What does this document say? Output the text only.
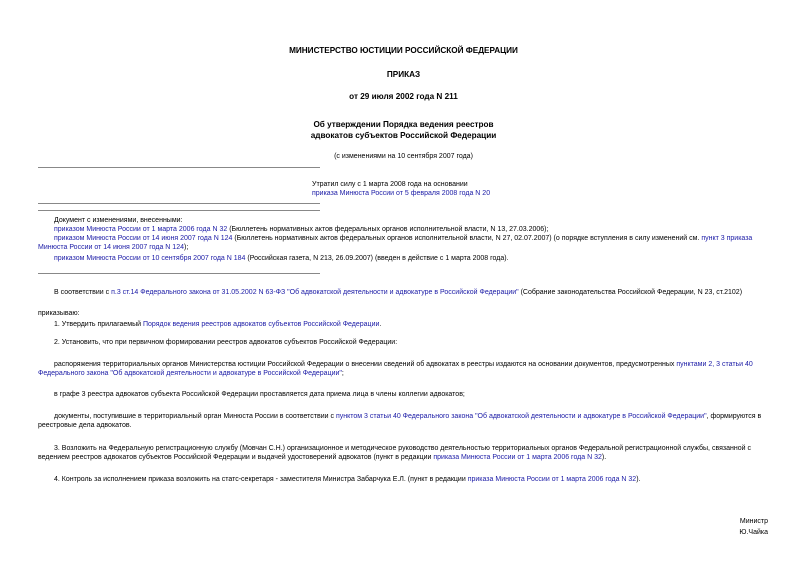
МИНИСТЕРСТВО ЮСТИЦИИ РОССИЙСКОЙ ФЕДЕРАЦИИ
ПРИКАЗ
от 29 июля 2002 года N 211
Об утверждении Порядка ведения реестров
адвокатов субъектов Российской Федерации
(с изменениями на 10 сентября 2007 года)
Утратил силу с 1 марта 2008 года на основании
приказа Минюста России от 5 февраля 2008 года N 20
Документ с изменениями, внесенными:
приказом Минюста России от 1 марта 2006 года N 32 (Бюллетень нормативных актов федеральных органов исполнительной власти, N 13, 27.03.2006);
приказом Минюста России от 14 июня 2007 года N 124 (Бюллетень нормативных актов федеральных органов исполнительной власти, N 27, 02.07.2007) (о порядке вступления в силу изменений см. пункт 3 приказа Минюста России от 14 июня 2007 года N 124);
приказом Минюста России от 10 сентября 2007 года N 184 (Российская газета, N 213, 26.09.2007) (введен в действие с 1 марта 2008 года).
В соответствии с п.3 ст.14 Федерального закона от 31.05.2002 N 63-ФЗ "Об адвокатской деятельности и адвокатуре в Российской Федерации" (Собрание законодательства Российской Федерации, N 23, ст.2102)
приказываю:
1. Утвердить прилагаемый Порядок ведения реестров адвокатов субъектов Российской Федерации.
2. Установить, что при первичном формировании реестров адвокатов субъектов Российской Федерации:
распоряжения территориальных органов Министерства юстиции Российской Федерации о внесении сведений об адвокатах в реестры издаются на основании документов, предусмотренных пунктами 2, 3 статьи 40 Федерального закона "Об адвокатской деятельности и адвокатуре в Российской Федерации";
в графе 3 реестра адвокатов субъекта Российской Федерации проставляется дата приема лица в члены коллегии адвокатов;
документы, поступившие в территориальный орган Минюста России в соответствии с пунктом 3 статьи 40 Федерального закона "Об адвокатской деятельности и адвокатуре в Российской Федерации", формируются в реестровые дела адвокатов.
3. Возложить на Федеральную регистрационную службу (Мовчан С.Н.) организационное и методическое руководство деятельностью территориальных органов Федеральной регистрационной службы, связанной с ведением реестров адвокатов субъектов Российской Федерации и выдачей удостоверений адвокатов (пункт в редакции приказа Минюста России от 1 марта 2006 года N 32).
4. Контроль за исполнением приказа возложить на статс-секретаря - заместителя Министра Забарчука Е.Л. (пункт в редакции приказа Минюста России от 1 марта 2006 года N 32).
Министр
Ю.Чайка
